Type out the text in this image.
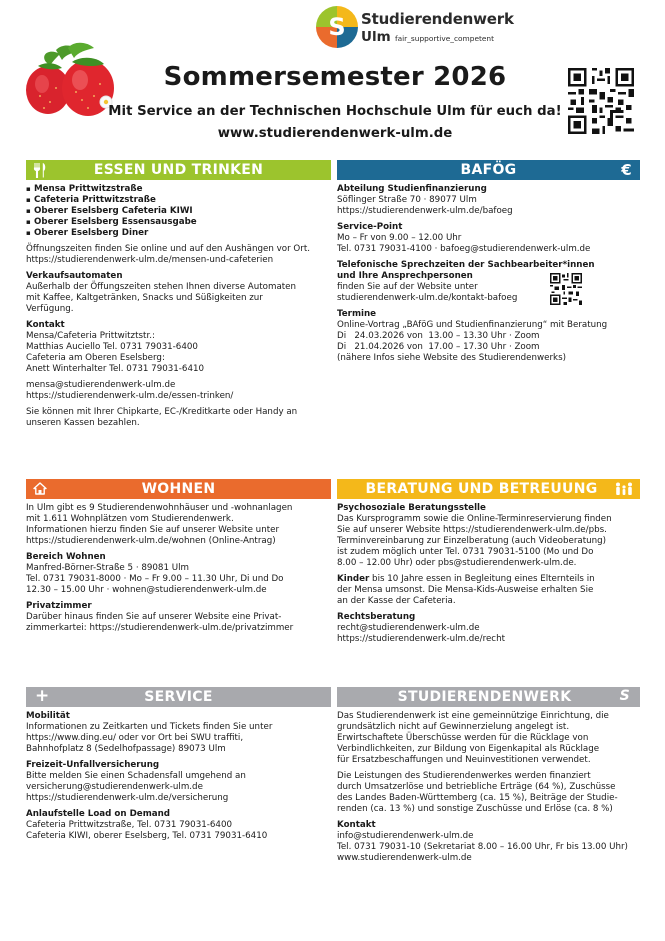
S Studierendenwerk
Ulm fair_supportive_competent
Sommersemester 2026
Mit Service an der Technischen Hochschule Ulm für euch da!
www.studierendenwerk-ulm.de
ESSEN UND TRINKEN
▪ Mensa Prittwitzstraße
▪ Cafeteria Prittwitzstraße
▪ Oberer Eselsberg Cafeteria KIWI
▪ Oberer Eselsberg Essensausgabe
▪ Oberer Eselsberg Diner

Öffnungszeiten finden Sie online und auf den Aushängen vor Ort.
https://studierendenwerk-ulm.de/mensen-und-cafeterien

Verkaufsautomaten
Außerhalb der Öffungszeiten stehen Ihnen diverse Automaten
mit Kaffee, Kaltgetränken, Snacks und Süßigkeiten zur
Verfügung.

Kontakt
Mensa/Cafeteria Prittwitztstr.:
Matthias Auciello Tel. 0731 79031-6400
Cafeteria am Oberen Eselsberg:
Anett Winterhalter Tel. 0731 79031-6410

mensa@studierendenwerk-ulm.de
https://studierendenwerk-ulm.de/essen-trinken/

Sie können mit Ihrer Chipkarte, EC-/Kreditkarte oder Handy an
unseren Kassen bezahlen.

BAFÖG	€

Abteilung Studienfinanzierung
Söflinger Straße 70 · 89077 Ulm
https://studierendenwerk-ulm.de/bafoeg

Service-Point
Mo – Fr von 9.00 – 12.00 Uhr
Tel. 0731 79031-4100 · bafoeg@studierendenwerk-ulm.de

Telefonische Sprechzeiten der Sachbearbeiter*innen
und Ihre Ansprechpersonen
finden Sie auf der Website unter
studierendenwerk-ulm.de/kontakt-bafoeg

Termine
Online-Vortrag „BAföG und Studienfinanzierung“ mit Beratung
Di   24.03.2026 von  13.00 – 13.30 Uhr · Zoom
Di   21.04.2026 von  17.00 – 17.30 Uhr · Zoom
(nähere Infos siehe Website des Studierendenwerks)

WOHNEN

In Ulm gibt es 9 Studierendenwohnhäuser und -wohnanlagen
mit 1.611 Wohnplätzen vom Studierendenwerk.
Informationen hierzu finden Sie auf unserer Website unter
https://studierendenwerk-ulm.de/wohnen (Online-Antrag)

Bereich Wohnen
Manfred-Börner-Straße 5 · 89081 Ulm
Tel. 0731 79031-8000 · Mo – Fr 9.00 – 11.30 Uhr, Di und Do
12.30 – 15.00 Uhr · wohnen@studierendenwerk-ulm.de

Privatzimmer
Darüber hinaus finden Sie auf unserer Website eine Privat-
zimmerkartei: https://studierendenwerk-ulm.de/privatzimmer

BERATUNG UND BETREUUNG

Psychosoziale Beratungsstelle
Das Kursprogramm sowie die Online-Terminreservierung finden
Sie auf unserer Website https://studierendenwerk-ulm.de/pbs.
Terminvereinbarung zur Einzelberatung (auch Videoberatung)
ist zudem möglich unter Tel. 0731 79031-5100 (Mo und Do
8.00 – 12.00 Uhr) oder pbs@studierendenwerk-ulm.de.

Kinder bis 10 Jahre essen in Begleitung eines Elternteils in
der Mensa umsonst. Die Mensa-Kids-Ausweise erhalten Sie
an der Kasse der Cafeteria.

Rechtsberatung
recht@studierendenwerk-ulm.de
https://studierendenwerk-ulm.de/recht

+	SERVICE

Mobilität
Informationen zu Zeitkarten und Tickets finden Sie unter
https://www.ding.eu/ oder vor Ort bei SWU traffiti,
Bahnhofplatz 8 (Sedelhofpassage) 89073 Ulm

Freizeit-Unfallversicherung
Bitte melden Sie einen Schadensfall umgehend an
versicherung@studierendenwerk-ulm.de
https://studierendenwerk-ulm.de/versicherung

Anlaufstelle Load on Demand
Cafeteria Prittwitzstraße, Tel. 0731 79031-6400
Cafeteria KIWI, oberer Eselsberg, Tel. 0731 79031-6410

STUDIERENDENWERK	S

Das Studierendenwerk ist eine gemeinnützige Einrichtung, die
grundsätzlich nicht auf Gewinnerzielung angelegt ist.
Erwirtschaftete Überschüsse werden für die Rücklage von
Verbindlichkeiten, zur Bildung von Eigenkapital als Rücklage
für Ersatzbeschaffungen und Neuinvestitionen verwendet.

Die Leistungen des Studierendenwerkes werden finanziert
durch Umsatzerlöse und betriebliche Erträge (64 %), Zuschüsse
des Landes Baden-Württemberg (ca. 15 %), Beiträge der Studie-
renden (ca. 13 %) und sonstige Zuschüsse und Erlöse (ca. 8 %)

Kontakt
info@studierendenwerk-ulm.de
Tel. 0731 79031-10 (Sekretariat 8.00 – 16.00 Uhr, Fr bis 13.00 Uhr)
www.studierendenwerk-ulm.de
